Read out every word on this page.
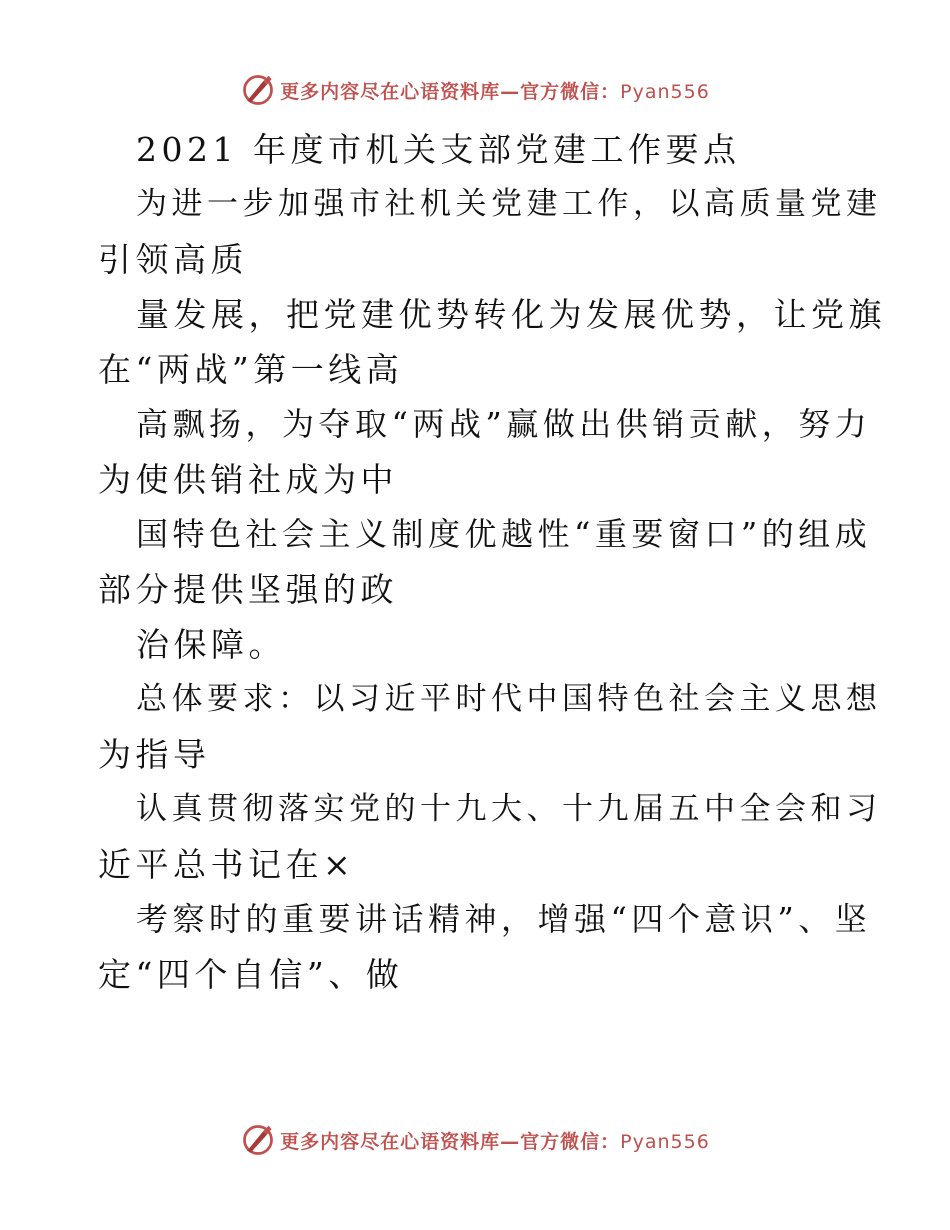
更多内容尽在心语资料库—官方微信：Pyan556
2021 年度市机关支部党建工作要点
为进一步加强市社机关党建工作，以高质量党建
引领高质
量发展，把党建优势转化为发展优势，让党旗
在“两战”第一线高
高飘扬，为夺取“两战”赢做出供销贡献，努力
为使供销社成为中
国特色社会主义制度优越性“重要窗口”的组成
部分提供坚强的政
治保障。
总体要求：以习近平时代中国特色社会主义思想
为指导
认真贯彻落实党的十九大、十九届五中全会和习
近平总书记在×
考察时的重要讲话精神，增强“四个意识”、坚
定“四个自信”、做
更多内容尽在心语资料库—官方微信：Pyan556
